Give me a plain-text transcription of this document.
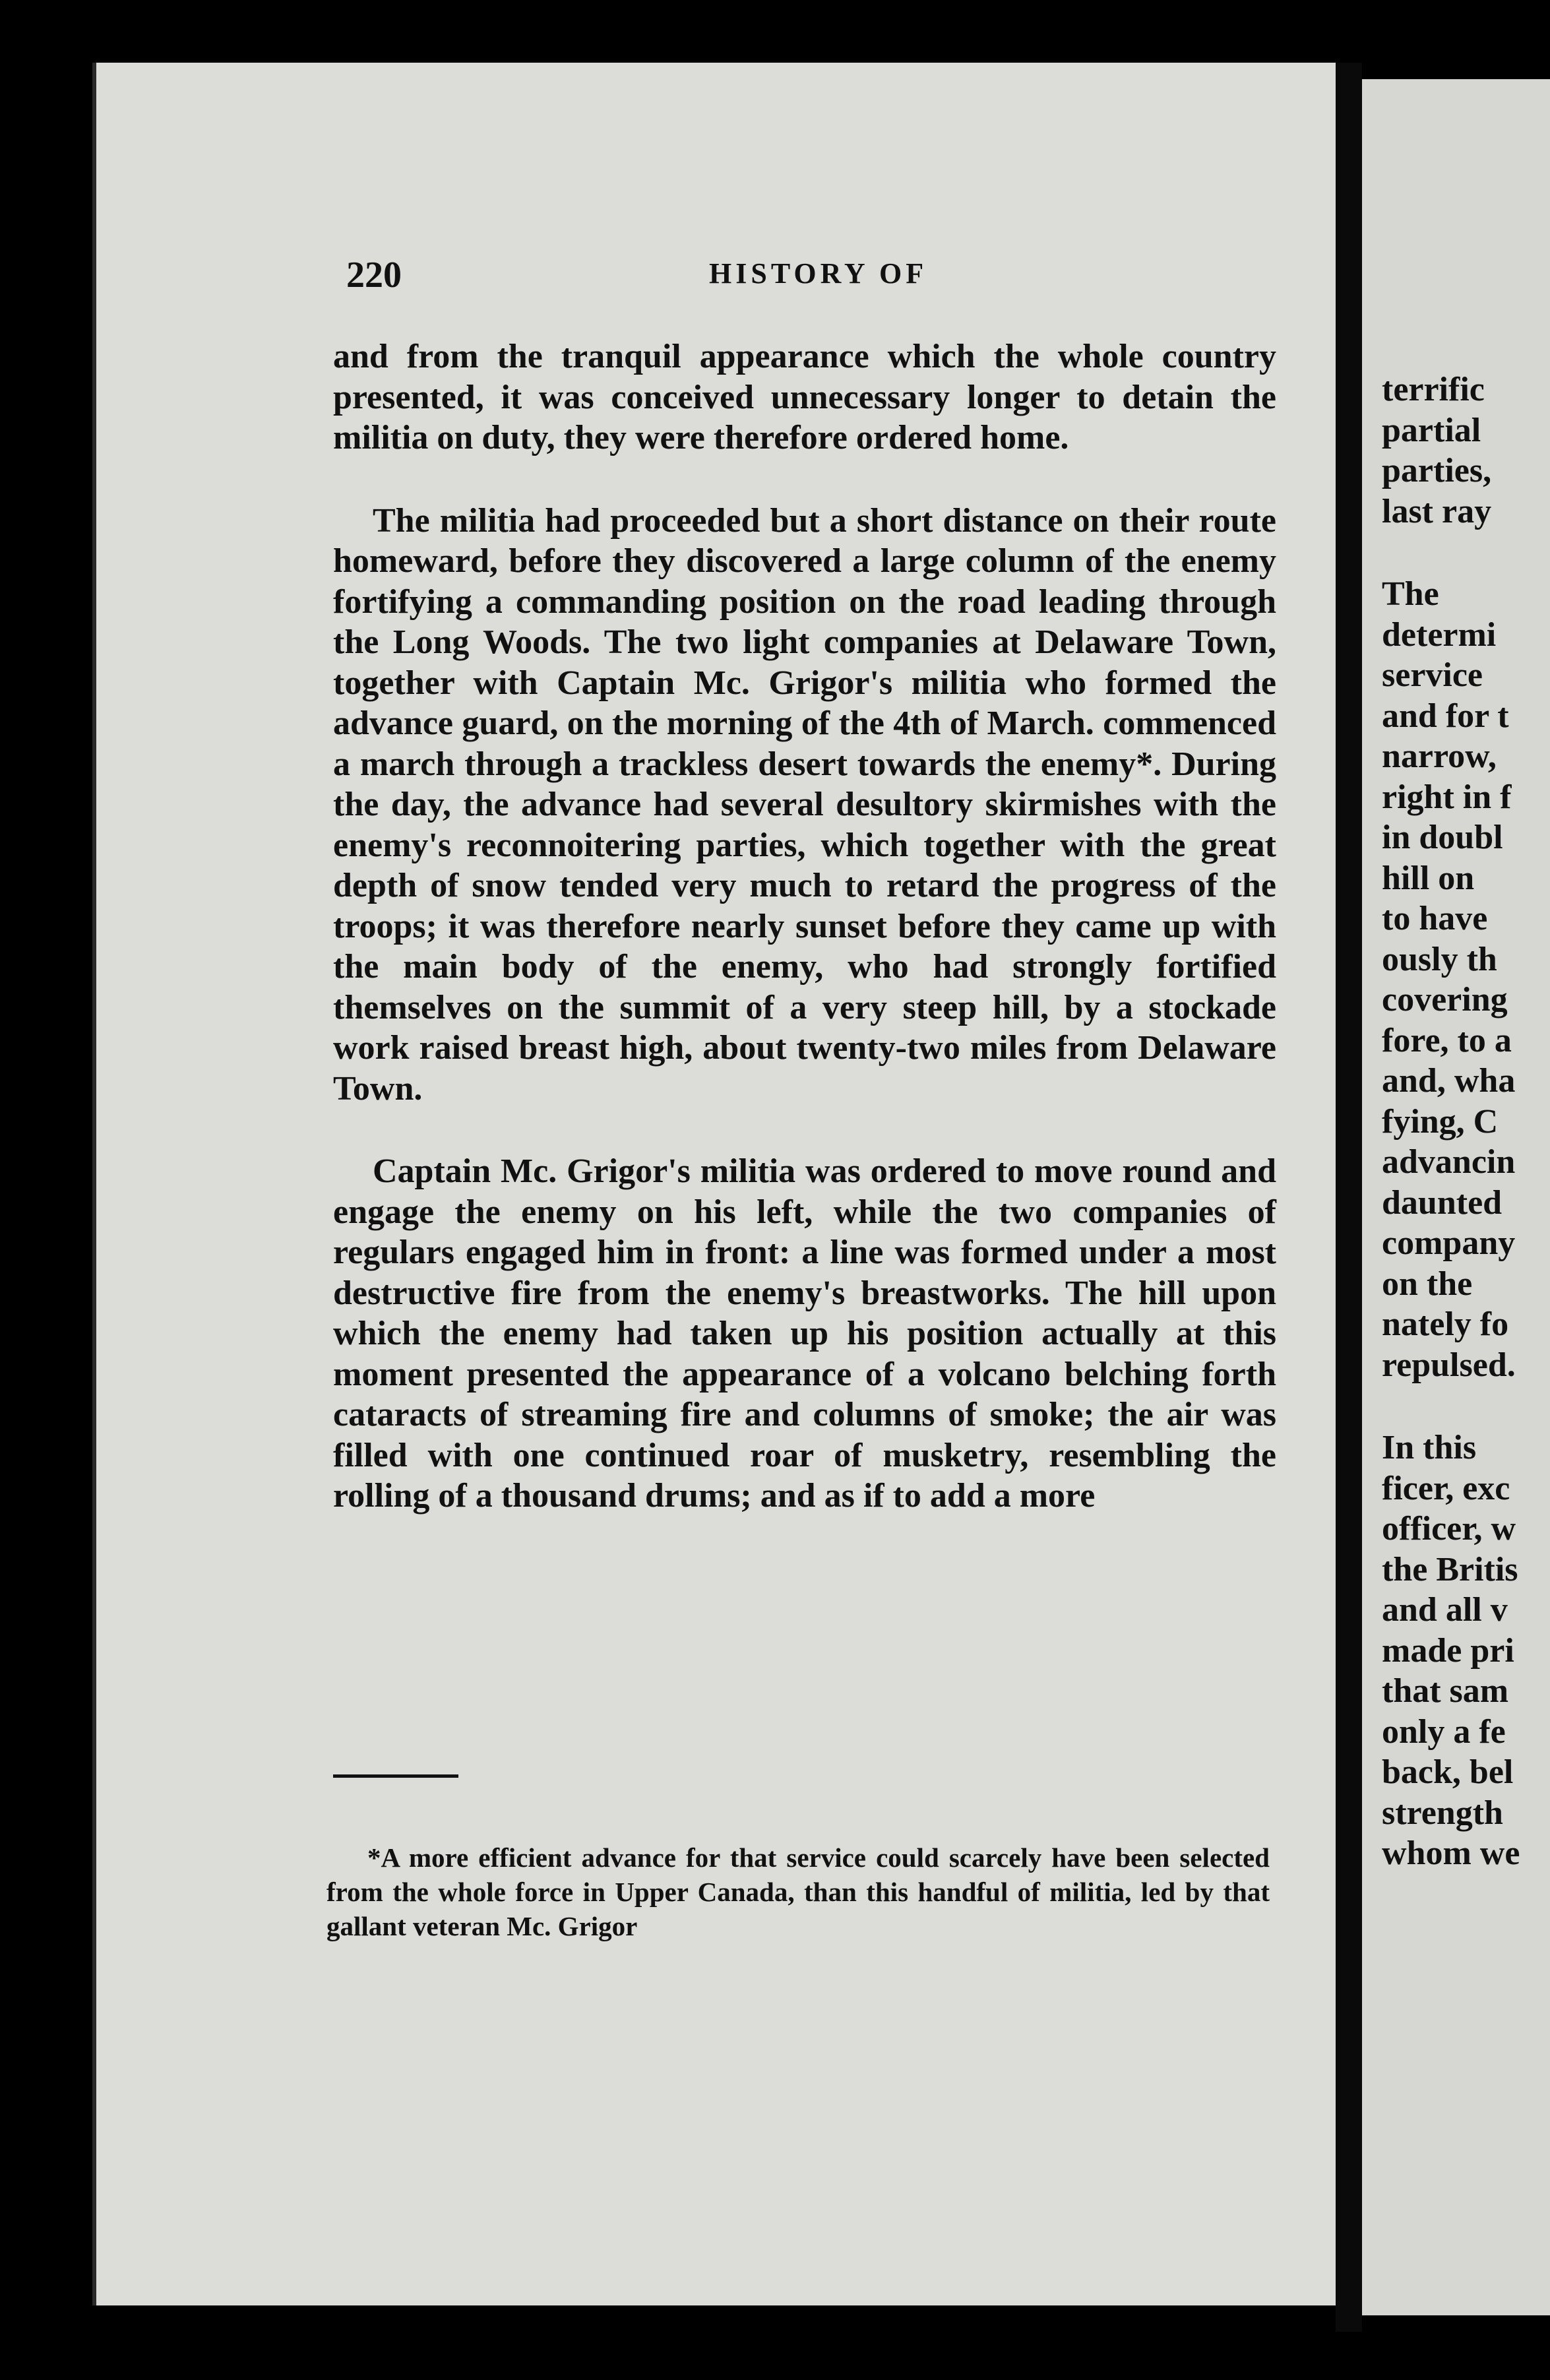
220	HISTORY OF

and from the tranquil appearance which the whole country presented, it was conceived unnecessary longer to detain the militia on duty, they were therefore ordered home.

The militia had proceeded but a short distance on their route homeward, before they discovered a large column of the enemy fortifying a commanding position on the road leading through the Long Woods. The two light companies at Delaware Town, together with Captain Mc. Grigor's militia who formed the advance guard, on the morning of the 4th of March. commenced a march through a trackless desert towards the enemy*. During the day, the advance had several desultory skirmishes with the enemy's reconnoitering parties, which together with the great depth of snow tended very much to retard the progress of the troops; it was therefore nearly sunset before they came up with the main body of the enemy, who had strongly fortified themselves on the summit of a very steep hill, by a stockade work raised breast high, about twenty-two miles from Delaware Town.

Captain Mc. Grigor's militia was ordered to move round and engage the enemy on his left, while the two companies of regulars engaged him in front: a line was formed under a most destructive fire from the enemy's breastworks. The hill upon which the enemy had taken up his position actually at this moment presented the appearance of a volcano belching forth cataracts of streaming fire and columns of smoke; the air was filled with one continued roar of musketry, resembling the rolling of a thousand drums; and as if to add a more

*A more efficient advance for that service could scarcely have been selected from the whole force in Upper Canada, than this handful of militia, led by that gallant veteran Mc. Grigor
terrific
partial
parties,
last ray
The
determi
service
and for t
narrow,
right in f
in doubl
hill on
to have
ously th
covering
fore, to a
and, wha
fying, C
advancin
daunted
company
on the
nately fo
repulsed.
In this
ficer, exc
officer, w
the Britis
and all v
made pri
that sam
only a fe
back, bel
strength
whom we
